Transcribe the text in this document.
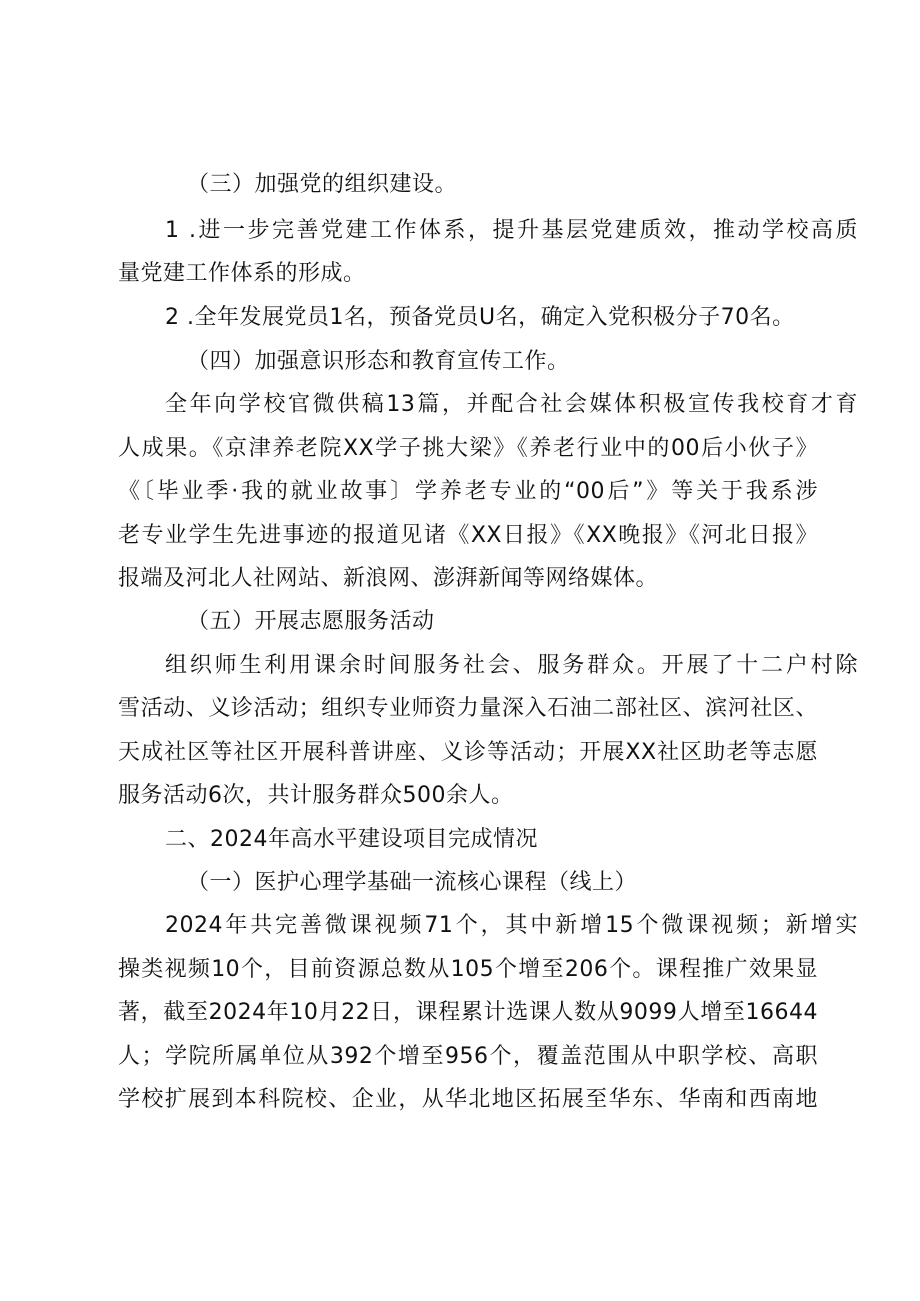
（三）加强党的组织建设。
1 .进一步完善党建工作体系，提升基层党建质效，推动学校高质
量党建工作体系的形成。
2 .全年发展党员1名，预备党员U名，确定入党积极分子70名。
（四）加强意识形态和教育宣传工作。
全年向学校官微供稿13篇，并配合社会媒体积极宣传我校育才育
人成果。《京津养老院XX学子挑大梁》《养老行业中的00后小伙子》
《〔毕业季·我的就业故事〕学养老专业的“00后”》等关于我系涉
老专业学生先进事迹的报道见诸《XX日报》《XX晚报》《河北日报》
报端及河北人社网站、新浪网、澎湃新闻等网络媒体。
（五）开展志愿服务活动
组织师生利用课余时间服务社会、服务群众。开展了十二户村除
雪活动、义诊活动；组织专业师资力量深入石油二部社区、滨河社区、
天成社区等社区开展科普讲座、义诊等活动；开展XX社区助老等志愿
服务活动6次，共计服务群众500余人。
二、2024年高水平建设项目完成情况
（一）医护心理学基础一流核心课程（线上）
2024年共完善微课视频71个，其中新增15个微课视频；新增实
操类视频10个，目前资源总数从105个增至206个。课程推广效果显
著，截至2024年10月22日，课程累计选课人数从9099人增至16644
人；学院所属单位从392个增至956个，覆盖范围从中职学校、高职
学校扩展到本科院校、企业，从华北地区拓展至华东、华南和西南地
